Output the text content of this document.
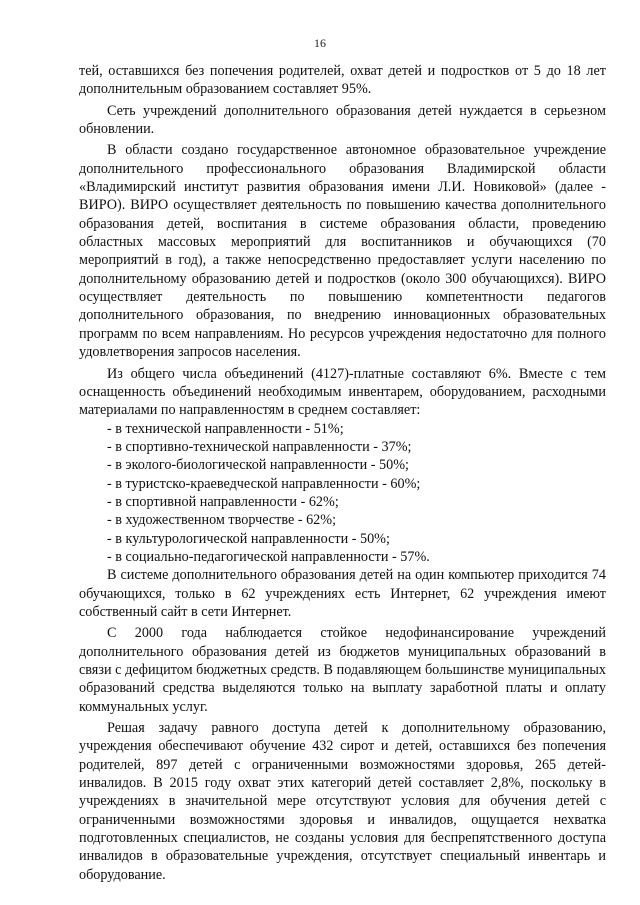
16

тей, оставшихся без попечения родителей, охват детей и подростков от 5 до 18 лет дополнительным образованием составляет 95%.

Сеть учреждений дополнительного образования детей нуждается в серьезном обновлении.

В области создано государственное автономное образовательное учреждение дополнительного профессионального образования Владимирской области «Владимирский институт развития образования имени Л.И. Новиковой» (далее - ВИРО). ВИРО осуществляет деятельность по повышению качества дополнительного образования детей, воспитания в системе образования области, проведению областных массовых мероприятий для воспитанников и обучающихся (70 мероприятий в год), а также непосредственно предоставляет услуги населению по дополнительному образованию детей и подростков (около 300 обучающихся). ВИРО осуществляет деятельность по повышению компетентности педагогов дополнительного образования, по внедрению инновационных образовательных программ по всем направлениям. Но ресурсов учреждения недостаточно для полного удовлетворения запросов населения.

Из общего числа объединений (4127)-платные составляют 6%. Вместе с тем оснащенность объединений необходимым инвентарем, оборудованием, расходными материалами по направленностям в среднем составляет:

- в технической направленности - 51%;

- в спортивно-технической направленности - 37%;

- в эколого-биологической направленности - 50%;

- в туристско-краеведческой направленности - 60%;

- в спортивной направленности - 62%;

- в художественном творчестве - 62%;

- в культурологической направленности - 50%;

- в социально-педагогической направленности - 57%.

В системе дополнительного образования детей на один компьютер приходится 74 обучающихся, только в 62 учреждениях есть Интернет, 62 учреждения имеют собственный сайт в сети Интернет.

С 2000 года наблюдается стойкое недофинансирование учреждений дополнительного образования детей из бюджетов муниципальных образований в связи с дефицитом бюджетных средств. В подавляющем большинстве муниципальных образований средства выделяются только на выплату заработной платы и оплату коммунальных услуг.

Решая задачу равного доступа детей к дополнительному образованию, учреждения обеспечивают обучение 432 сирот и детей, оставшихся без попечения родителей, 897 детей с ограниченными возможностями здоровья, 265 детей-инвалидов. В 2015 году охват этих категорий детей составляет 2,8%, поскольку в учреждениях в значительной мере отсутствуют условия для обучения детей с ограниченными возможностями здоровья и инвалидов, ощущается нехватка подготовленных специалистов, не созданы условия для беспрепятственного доступа инвалидов в образовательные учреждения, отсутствует специальный инвентарь и оборудование.
